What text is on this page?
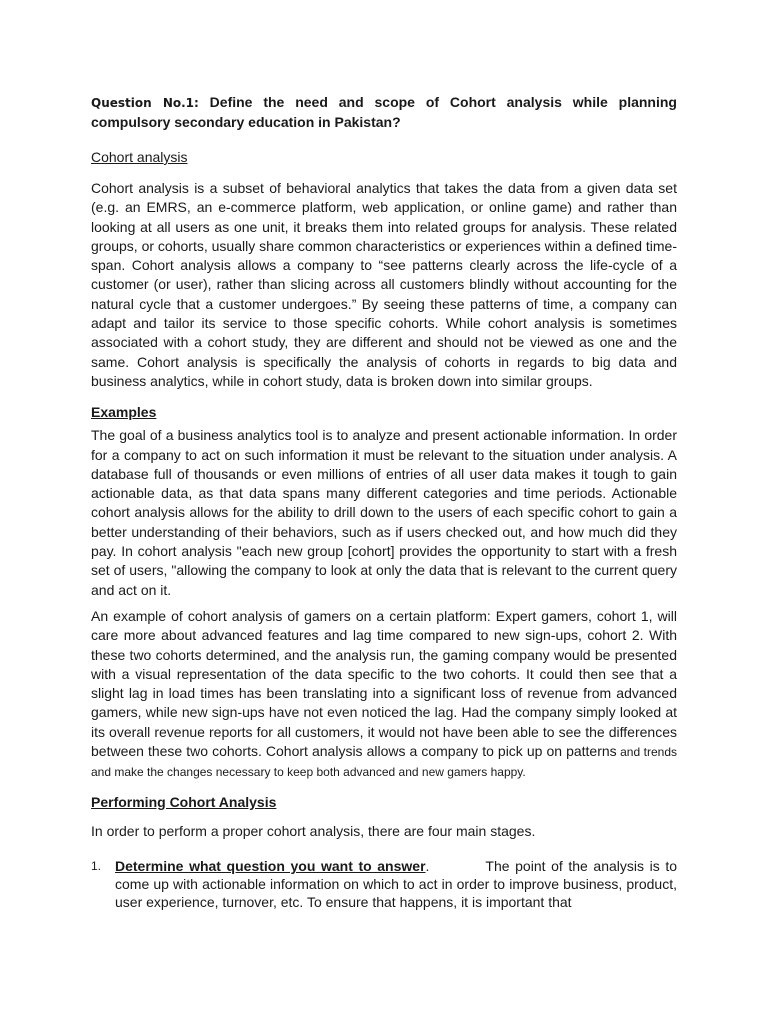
Question No.1: Define the need and scope of Cohort analysis while planning compulsory secondary education in Pakistan?

Cohort analysis

Cohort analysis is a subset of behavioral analytics that takes the data from a given data set (e.g. an EMRS, an e-commerce platform, web application, or online game) and rather than looking at all users as one unit, it breaks them into related groups for analysis. These related groups, or cohorts, usually share common characteristics or experiences within a defined time-span. Cohort analysis allows a company to “see patterns clearly across the life-cycle of a customer (or user), rather than slicing across all customers blindly without accounting for the natural cycle that a customer undergoes.” By seeing these patterns of time, a company can adapt and tailor its service to those specific cohorts. While cohort analysis is sometimes associated with a cohort study, they are different and should not be viewed as one and the same. Cohort analysis is specifically the analysis of cohorts in regards to big data and business analytics, while in cohort study, data is broken down into similar groups.

Examples

The goal of a business analytics tool is to analyze and present actionable information. In order for a company to act on such information it must be relevant to the situation under analysis. A database full of thousands or even millions of entries of all user data makes it tough to gain actionable data, as that data spans many different categories and time periods. Actionable cohort analysis allows for the ability to drill down to the users of each specific cohort to gain a better understanding of their behaviors, such as if users checked out, and how much did they pay. In cohort analysis "each new group [cohort] provides the opportunity to start with a fresh set of users, "allowing the company to look at only the data that is relevant to the current query and act on it.

An example of cohort analysis of gamers on a certain platform: Expert gamers, cohort 1, will care more about advanced features and lag time compared to new sign-ups, cohort 2. With these two cohorts determined, and the analysis run, the gaming company would be presented with a visual representation of the data specific to the two cohorts. It could then see that a slight lag in load times has been translating into a significant loss of revenue from advanced gamers, while new sign-ups have not even noticed the lag. Had the company simply looked at its overall revenue reports for all customers, it would not have been able to see the differences between these two cohorts. Cohort analysis allows a company to pick up on patterns and trends and make the changes necessary to keep both advanced and new gamers happy.

Performing Cohort Analysis

In order to perform a proper cohort analysis, there are four main stages.

1. Determine what question you want to answer.	The point of the analysis is to come up with actionable information on which to act in order to improve business, product, user experience, turnover, etc. To ensure that happens, it is important that
